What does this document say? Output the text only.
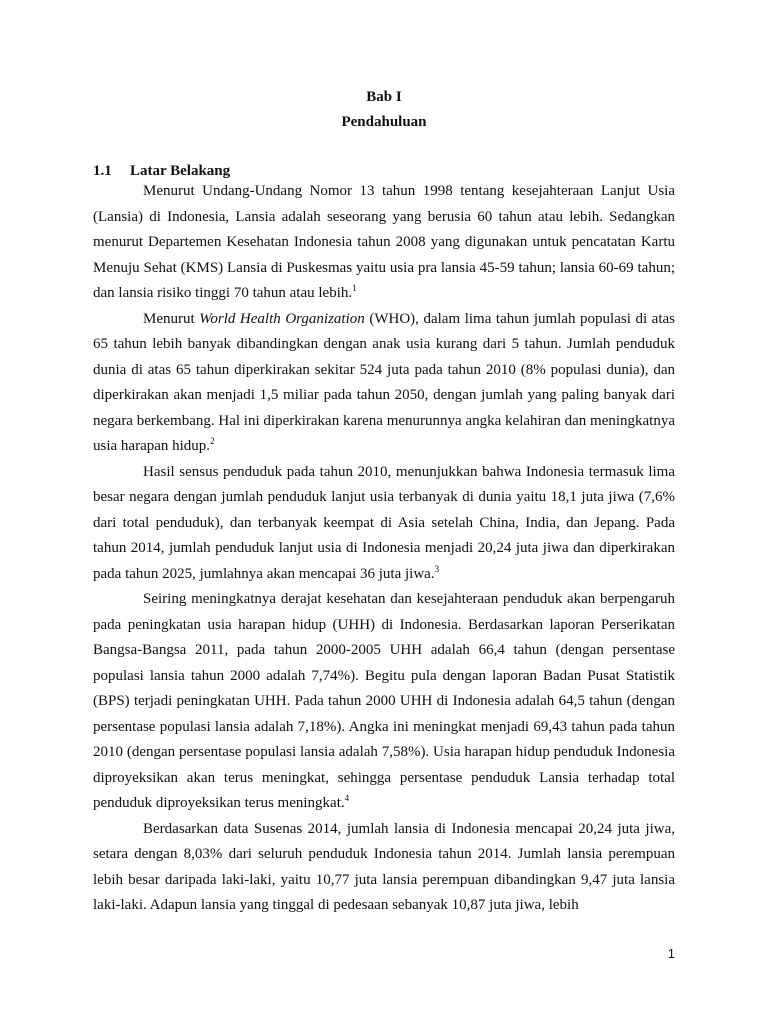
Bab I
Pendahuluan
1.1 Latar Belakang

Menurut Undang-Undang Nomor 13 tahun 1998 tentang kesejahteraan Lanjut Usia (Lansia) di Indonesia, Lansia adalah seseorang yang berusia 60 tahun atau lebih. Sedangkan menurut Departemen Kesehatan Indonesia tahun 2008 yang digunakan untuk pencatatan Kartu Menuju Sehat (KMS) Lansia di Puskesmas yaitu usia pra lansia 45-59 tahun; lansia 60-69 tahun; dan lansia risiko tinggi 70 tahun atau lebih.$^1$

Menurut World Health Organization (WHO), dalam lima tahun jumlah populasi di atas 65 tahun lebih banyak dibandingkan dengan anak usia kurang dari 5 tahun. Jumlah penduduk dunia di atas 65 tahun diperkirakan sekitar 524 juta pada tahun 2010 (8% populasi dunia), dan diperkirakan akan menjadi 1,5 miliar pada tahun 2050, dengan jumlah yang paling banyak dari negara berkembang. Hal ini diperkirakan karena menurunnya angka kelahiran dan meningkatnya usia harapan hidup.$^2$

Hasil sensus penduduk pada tahun 2010, menunjukkan bahwa Indonesia termasuk lima besar negara dengan jumlah penduduk lanjut usia terbanyak di dunia yaitu 18,1 juta jiwa (7,6% dari total penduduk), dan terbanyak keempat di Asia setelah China, India, dan Jepang. Pada tahun 2014, jumlah penduduk lanjut usia di Indonesia menjadi 20,24 juta jiwa dan diperkirakan pada tahun 2025, jumlahnya akan mencapai 36 juta jiwa.$^3$

Seiring meningkatnya derajat kesehatan dan kesejahteraan penduduk akan berpengaruh pada peningkatan usia harapan hidup (UHH) di Indonesia. Berdasarkan laporan Perserikatan Bangsa-Bangsa 2011, pada tahun 2000-2005 UHH adalah 66,4 tahun (dengan persentase populasi lansia tahun 2000 adalah 7,74%). Begitu pula dengan laporan Badan Pusat Statistik (BPS) terjadi peningkatan UHH. Pada tahun 2000 UHH di Indonesia adalah 64,5 tahun (dengan persentase populasi lansia adalah 7,18%). Angka ini meningkat menjadi 69,43 tahun pada tahun 2010 (dengan persentase populasi lansia adalah 7,58%). Usia harapan hidup penduduk Indonesia diproyeksikan akan terus meningkat, sehingga persentase penduduk Lansia terhadap total penduduk diproyeksikan terus meningkat.$^4$

Berdasarkan data Susenas 2014, jumlah lansia di Indonesia mencapai 20,24 juta jiwa, setara dengan 8,03% dari seluruh penduduk Indonesia tahun 2014. Jumlah lansia perempuan lebih besar daripada laki-laki, yaitu 10,77 juta lansia perempuan dibandingkan 9,47 juta lansia laki-laki. Adapun lansia yang tinggal di pedesaan sebanyak 10,87 juta jiwa, lebih

1
